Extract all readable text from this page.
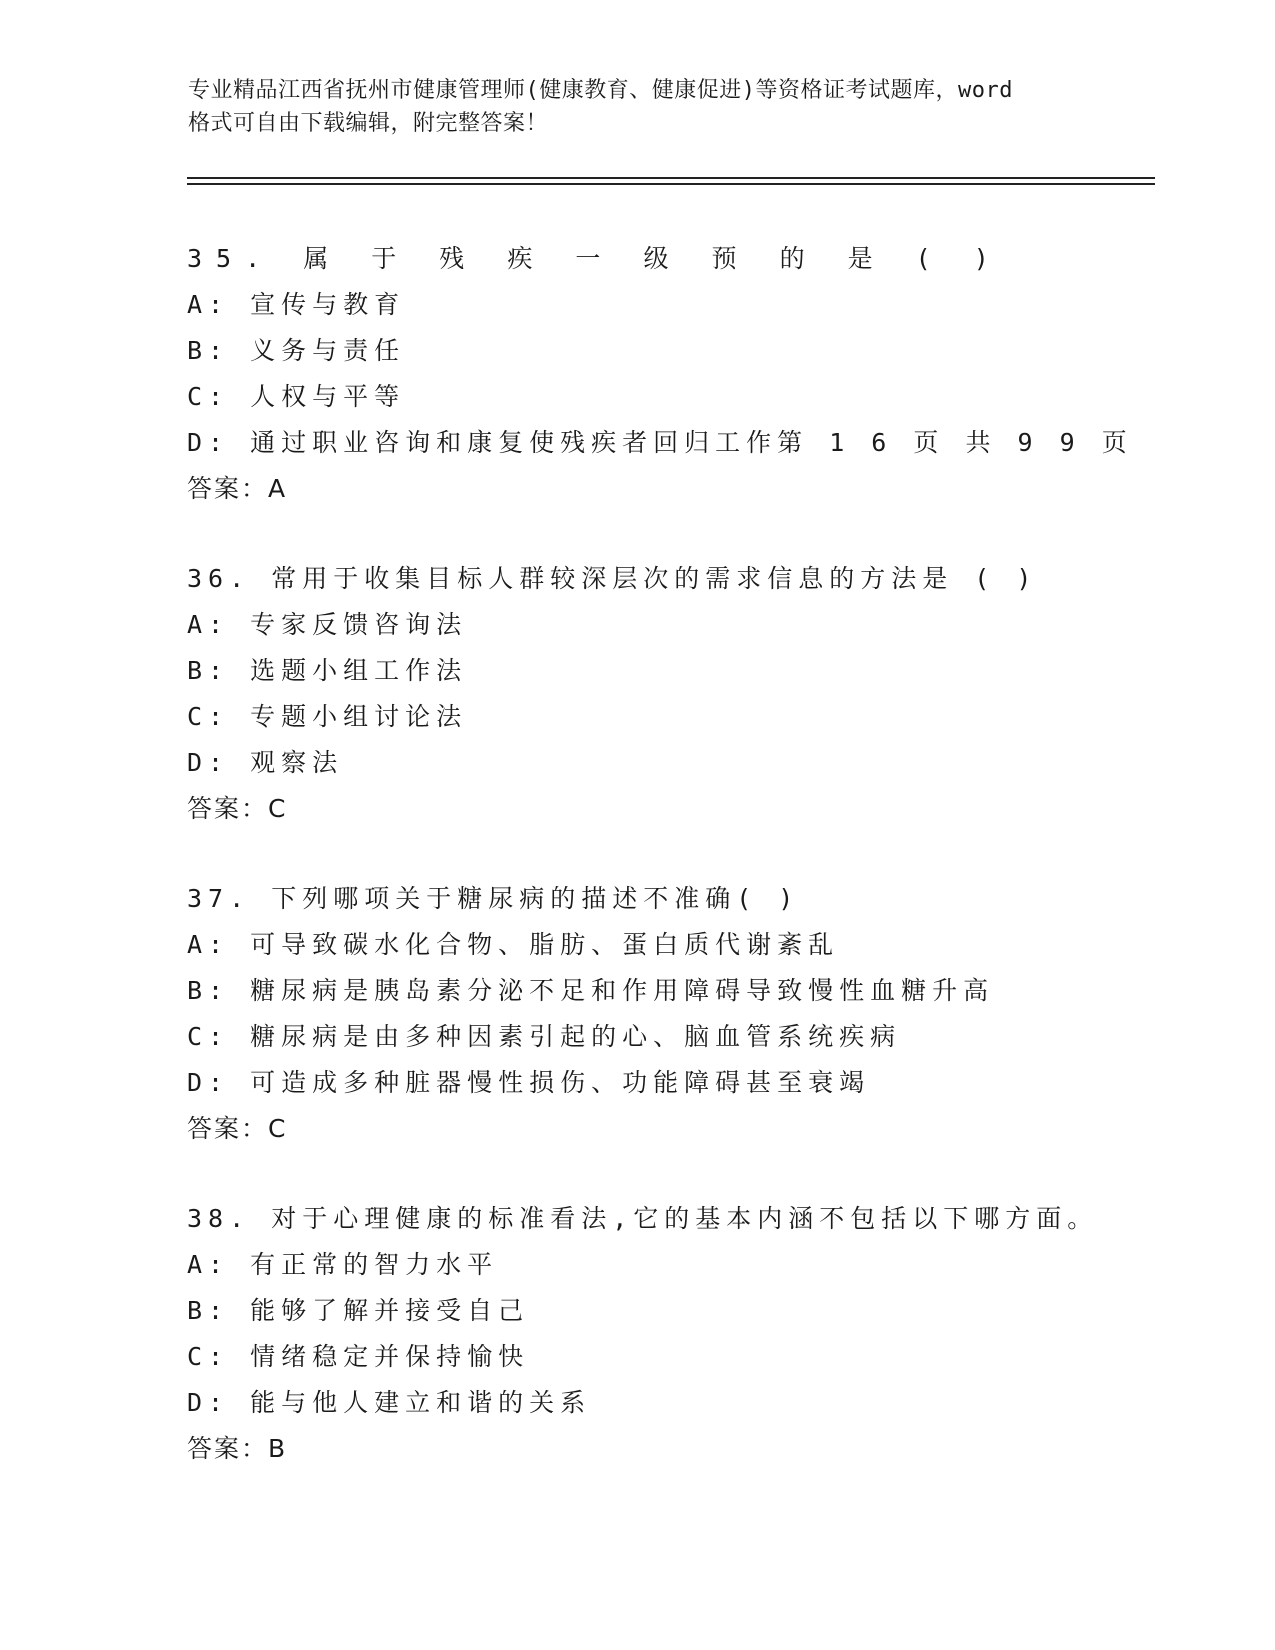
专业精品江西省抚州市健康管理师(健康教育、健康促进)等资格证考试题库，word
格式可自由下载编辑，附完整答案！
35. 属 于 残 疾 一 级 预 的 是 ( )
A: 宣传与教育
B: 义务与责任
C: 人权与平等
D: 通过职业咨询和康复使残疾者回归工作第 1 6 页 共 9 9 页
答案：A
36. 常用于收集目标人群较深层次的需求信息的方法是 ( )
A: 专家反馈咨询法
B: 选题小组工作法
C: 专题小组讨论法
D: 观察法
答案：C
37. 下列哪项关于糖尿病的描述不准确( )
A: 可导致碳水化合物、脂肪、蛋白质代谢紊乱
B: 糖尿病是胰岛素分泌不足和作用障碍导致慢性血糖升高
C: 糖尿病是由多种因素引起的心、脑血管系统疾病
D: 可造成多种脏器慢性损伤、功能障碍甚至衰竭
答案：C
38. 对于心理健康的标准看法,它的基本内涵不包括以下哪方面。
A: 有正常的智力水平
B: 能够了解并接受自己
C: 情绪稳定并保持愉快
D: 能与他人建立和谐的关系
答案：B
